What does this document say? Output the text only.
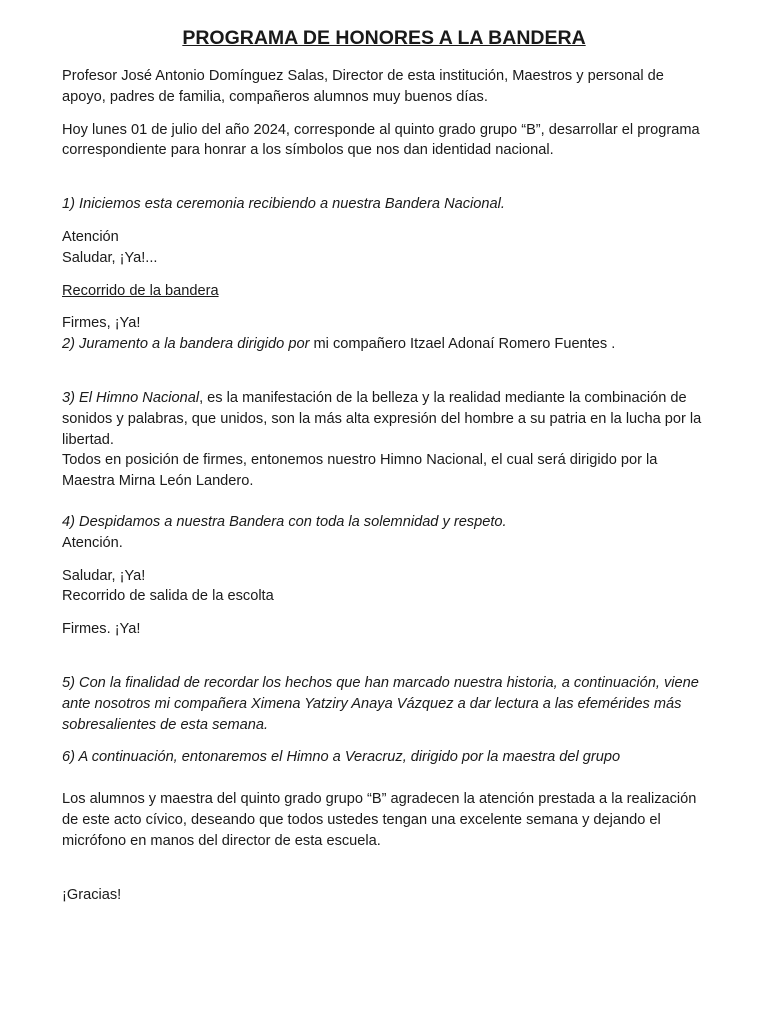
PROGRAMA DE HONORES A LA BANDERA

Profesor José Antonio Domínguez Salas, Director de esta institución, Maestros y personal de apoyo, padres de familia, compañeros alumnos muy buenos días.

Hoy lunes 01 de julio del año 2024, corresponde al quinto grado grupo “B”, desarrollar el programa correspondiente para honrar a los símbolos que nos dan identidad nacional.

1) Iniciemos esta ceremonia recibiendo a nuestra Bandera Nacional.

Atención

Saludar, ¡Ya!...

Recorrido de la bandera

Firmes, ¡Ya!

2) Juramento a la bandera dirigido por mi compañero Itzael Adonaí Romero Fuentes .

3) El Himno Nacional, es la manifestación de la belleza y la realidad mediante la combinación de sonidos y palabras, que unidos, son la más alta expresión del hombre a su patria en la lucha por la libertad.

Todos en posición de firmes, entonemos nuestro Himno Nacional, el cual será dirigido por la Maestra Mirna León Landero.

4) Despidamos a nuestra Bandera con toda la solemnidad y respeto.

Atención.

Saludar, ¡Ya!

Recorrido de salida de la escolta

Firmes. ¡Ya!

5) Con la finalidad de recordar los hechos que han marcado nuestra historia, a continuación, viene ante nosotros mi compañera Ximena Yatziry Anaya Vázquez a dar lectura a las efemérides más sobresalientes de esta semana.

6) A continuación, entonaremos el Himno a Veracruz, dirigido por la maestra del grupo

Los alumnos y maestra del quinto grado grupo “B” agradecen la atención prestada a la realización de este acto cívico, deseando que todos ustedes tengan una excelente semana y dejando el micrófono en manos del director de esta escuela.

¡Gracias!
